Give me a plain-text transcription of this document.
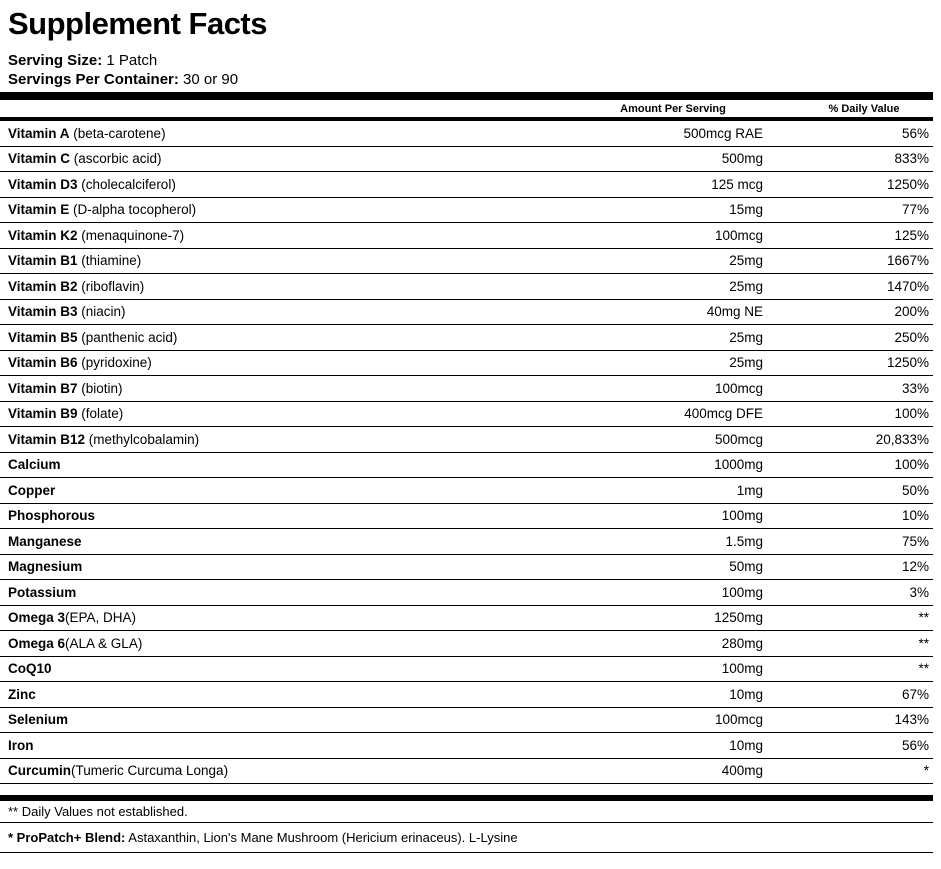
Supplement Facts
Serving Size: 1 Patch
Servings Per Container: 30 or 90
Amount Per Serving	% Daily Value
Vitamin A (beta-carotene)	500mcg RAE	56%
Vitamin C (ascorbic acid)	500mg	833%
Vitamin D3 (cholecalciferol)	125 mcg	1250%
Vitamin E (D-alpha tocopherol)	15mg	77%
Vitamin K2 (menaquinone-7)	100mcg	125%
Vitamin B1 (thiamine)	25mg	1667%
Vitamin B2 (riboflavin)	25mg	1470%
Vitamin B3 (niacin)	40mg NE	200%
Vitamin B5 (panthenic acid)	25mg	250%
Vitamin B6 (pyridoxine)	25mg	1250%
Vitamin B7 (biotin)	100mcg	33%
Vitamin B9 (folate)	400mcg DFE	100%
Vitamin B12 (methylcobalamin)	500mcg	20,833%
Calcium	1000mg	100%
Copper	1mg	50%
Phosphorous	100mg	10%
Manganese	1.5mg	75%
Magnesium	50mg	12%
Potassium	100mg	3%
Omega 3(EPA, DHA)	1250mg	**
Omega 6(ALA & GLA)	280mg	**
CoQ10	100mg	**
Zinc	10mg	67%
Selenium	100mcg	143%
Iron	10mg	56%
Curcumin(Tumeric Curcuma Longa)	400mg	*
** Daily Values not established.
* ProPatch+ Blend: Astaxanthin, Lion's Mane Mushroom (Hericium erinaceus). L-Lysine
